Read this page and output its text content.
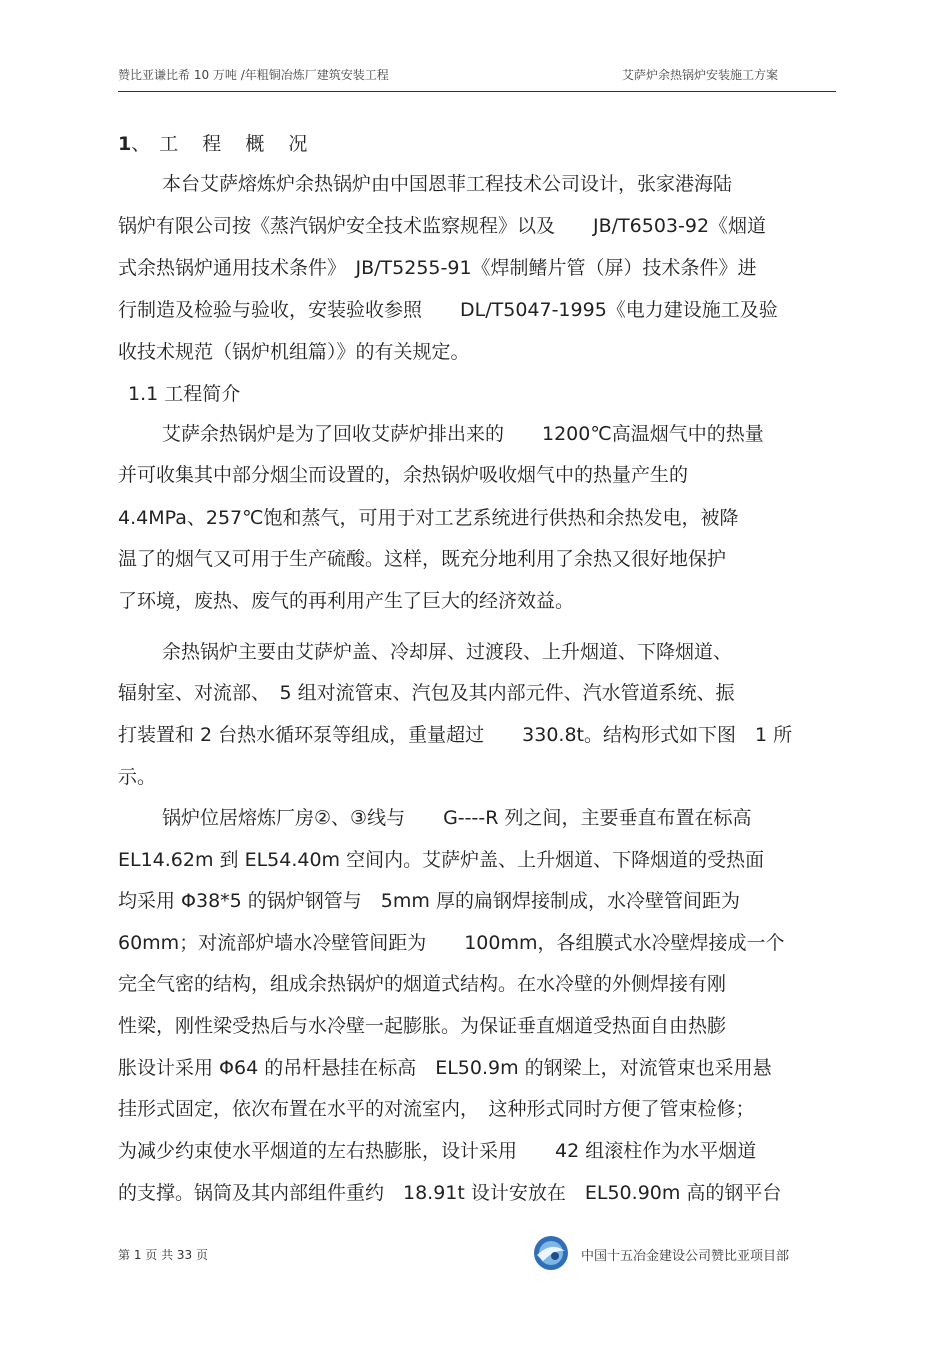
赞比亚谦比希 10 万吨 /年粗铜冶炼厂建筑安装工程	艾萨炉余热锅炉安装施工方案
1、工 程 概 况
本台艾萨熔炼炉余热锅炉由中国恩菲工程技术公司设计，张家港海陆
锅炉有限公司按《蒸汽锅炉安全技术监察规程》以及　　JB/T6503-92《烟道
式余热锅炉通用技术条件》　JB/T5255-91《焊制鳍片管（屏）技术条件》进
行制造及检验与验收，安装验收参照　　DL/T5047-1995《电力建设施工及验
收技术规范（锅炉机组篇）》的有关规定。
1.1 工程简介
艾萨余热锅炉是为了回收艾萨炉排出来的　　1200℃高温烟气中的热量
并可收集其中部分烟尘而设置的，余热锅炉吸收烟气中的热量产生的
4.4MPa、257℃饱和蒸气，可用于对工艺系统进行供热和余热发电，被降
温了的烟气又可用于生产硫酸。这样，既充分地利用了余热又很好地保护
了环境，废热、废气的再利用产生了巨大的经济效益。
余热锅炉主要由艾萨炉盖、冷却屏、过渡段、上升烟道、下降烟道、
辐射室、对流部、　5 组对流管束、汽包及其内部元件、汽水管道系统、振
打装置和 2 台热水循环泵等组成，重量超过　　330.8t。结构形式如下图　1 所
示。
锅炉位居熔炼厂房②、③线与　　G----R 列之间，主要垂直布置在标高
EL14.62m 到 EL54.40m 空间内。艾萨炉盖、上升烟道、下降烟道的受热面
均采用 Φ38*5 的锅炉钢管与　5mm 厚的扁钢焊接制成，水冷壁管间距为
60mm；对流部炉墙水冷壁管间距为　　100mm，各组膜式水冷壁焊接成一个
完全气密的结构，组成余热锅炉的烟道式结构。在水冷壁的外侧焊接有刚
性梁，刚性梁受热后与水冷壁一起膨胀。为保证垂直烟道受热面自由热膨
胀设计采用 Φ64 的吊杆悬挂在标高　EL50.9m 的钢梁上，对流管束也采用悬
挂形式固定，依次布置在水平的对流室内，　这种形式同时方便了管束检修；
为减少约束使水平烟道的左右热膨胀，设计采用　　42 组滚柱作为水平烟道
的支撑。锅筒及其内部组件重约　18.91t 设计安放在　EL50.90m 高的钢平台
第 1 页 共 33 页	中国十五冶金建设公司赞比亚项目部
